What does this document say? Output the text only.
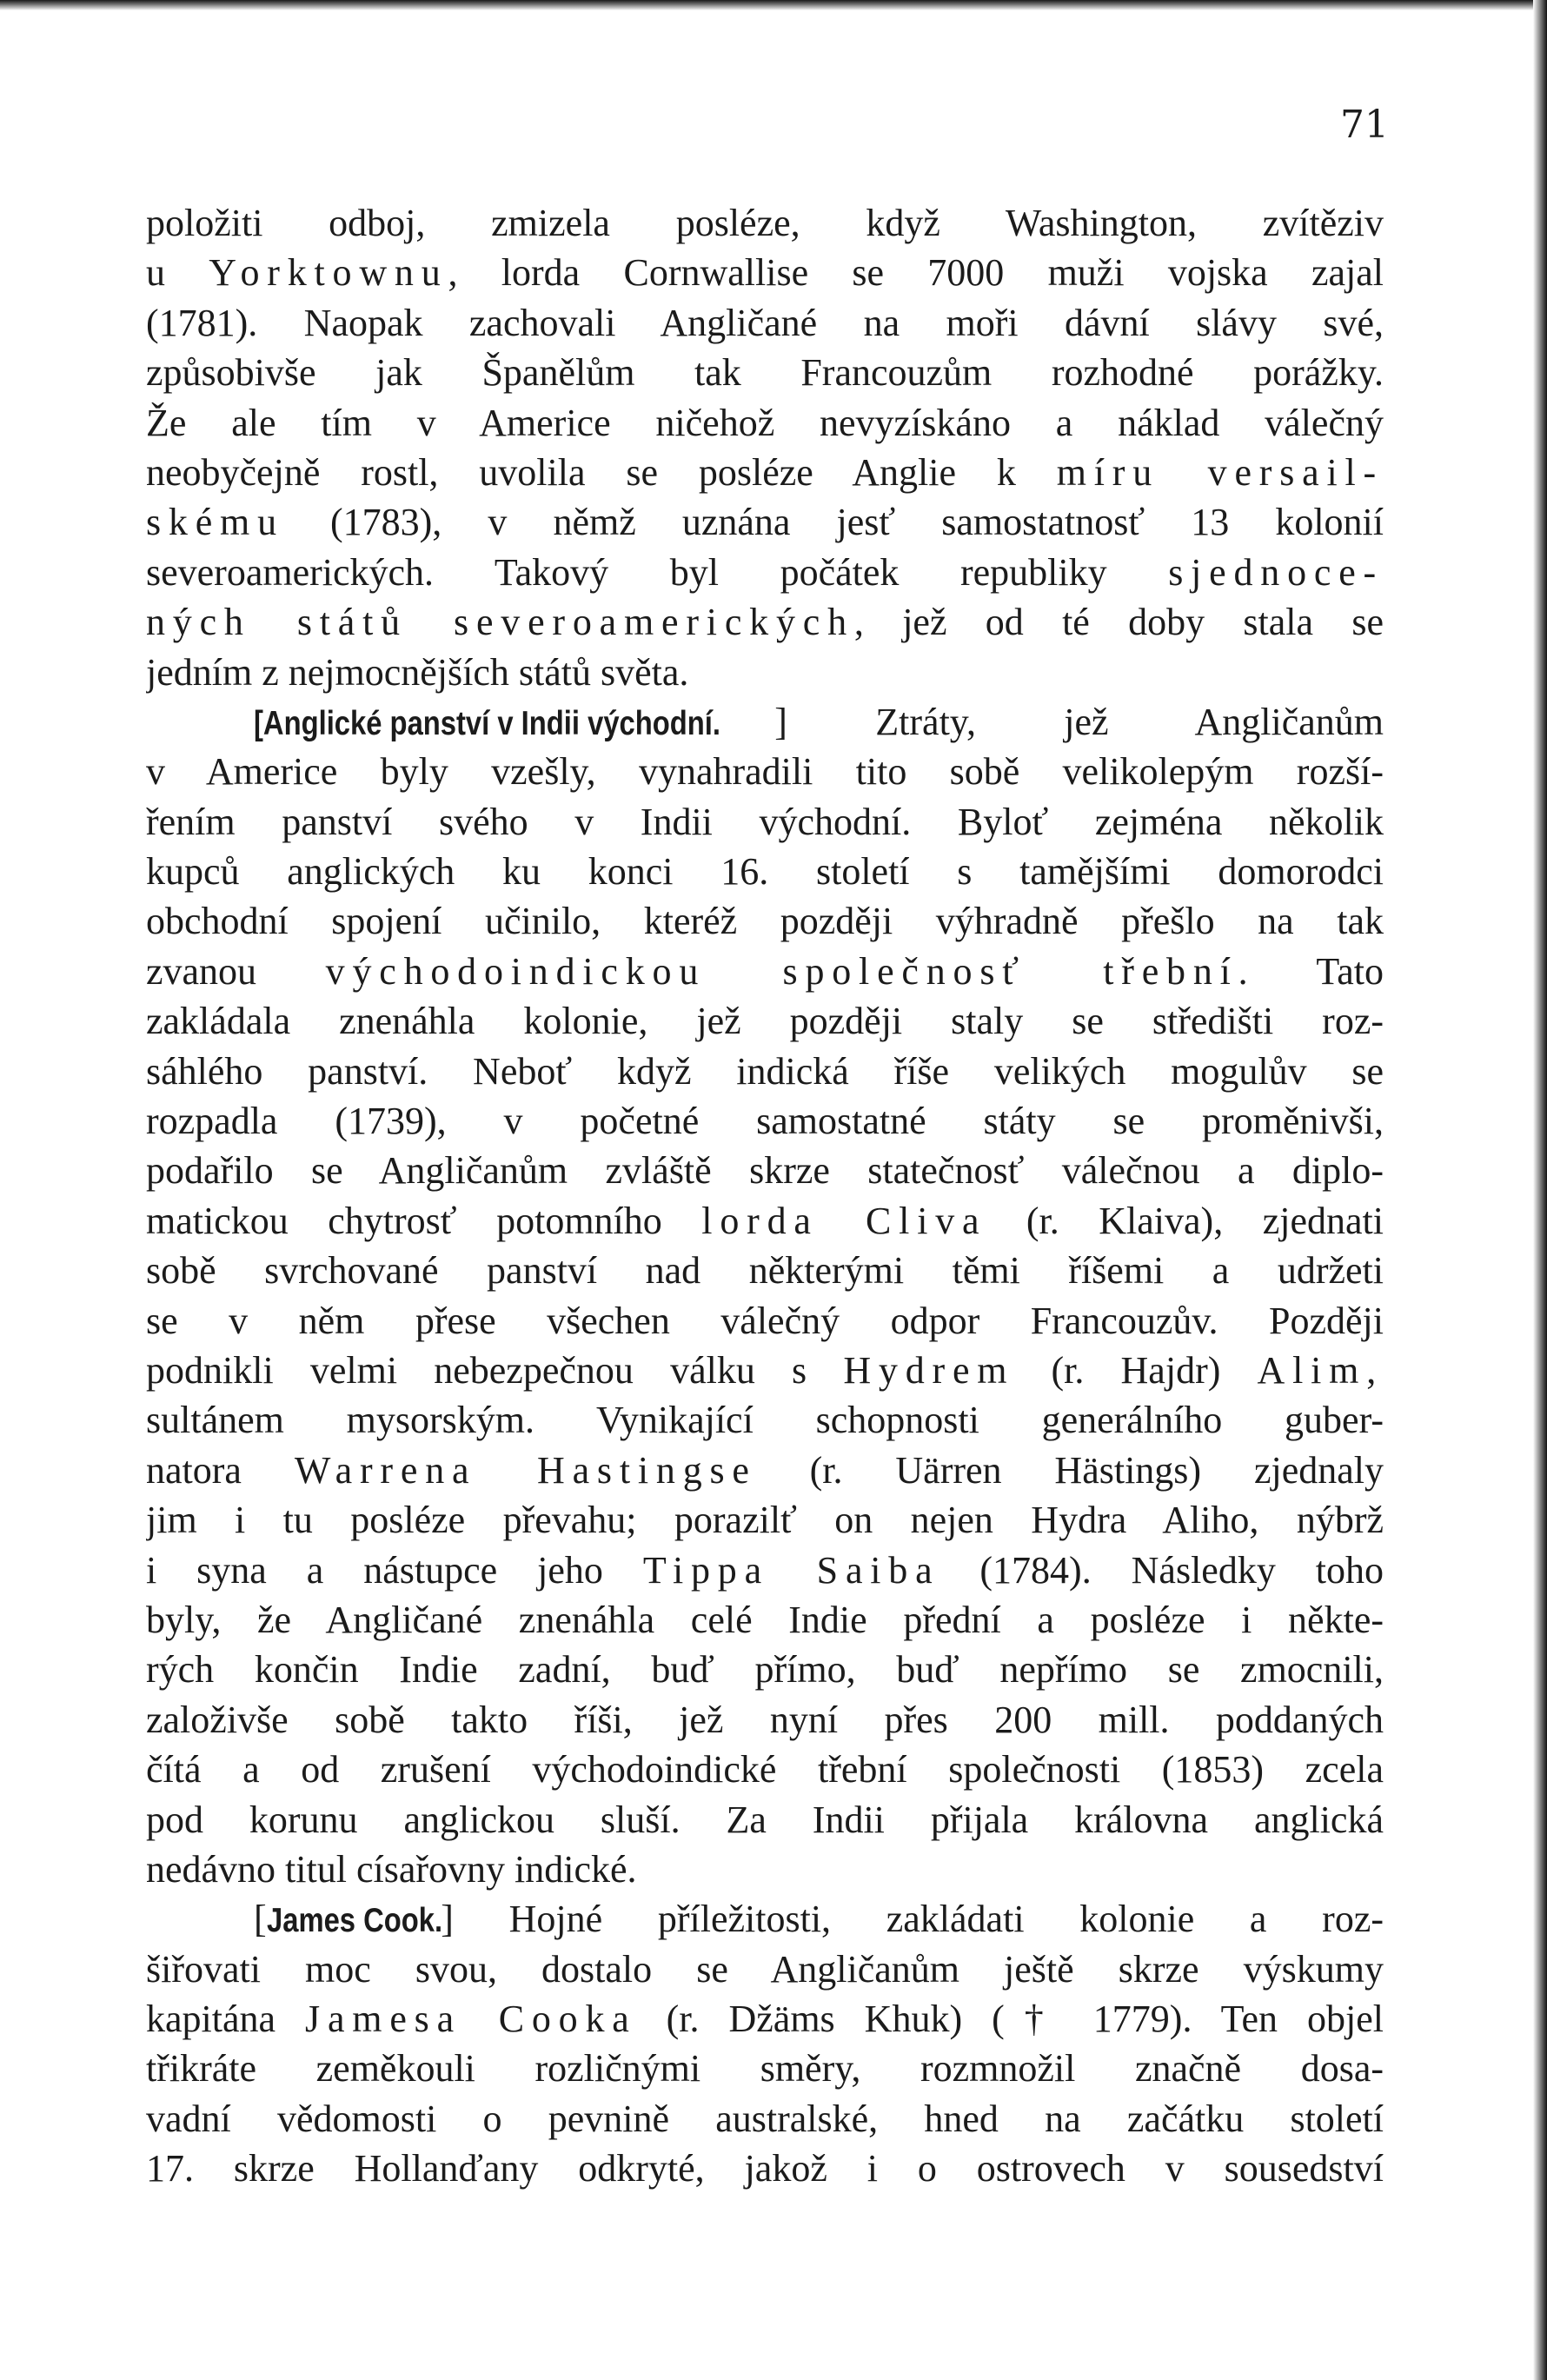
71
položiti odboj, zmizela posléze, když Washington, zvítěziv
u Yorktownu, lorda Cornwallise se 7000 muži vojska zajal
(1781). Naopak zachovali Angličané na moři dávní slávy své,
způsobivše jak Španělům tak Francouzům rozhodné porážky.
Že ale tím v Americe ničehož nevyzískáno a náklad válečný
neobyčejně rostl, uvolila se posléze Anglie k míru versail-
skému (1783), v němž uznána jesť samostatnosť 13 kolonií
severoamerických. Takový byl počátek republiky sjednoce-
ných států severoamerických, jež od té doby stala se
jedním z nejmocnějších států světa.
[Anglické panství v Indii východní. ] Ztráty, jež Angličanům
v Americe byly vzešly, vynahradili tito sobě velikolepým rozší-
řením panství svého v Indii východní. Byloť zejména několik
kupců anglických ku konci 16. století s tamějšími domorodci
obchodní spojení učinilo, kteréž později výhradně přešlo na tak
zvanou východoindickou společnosť třební. Tato
zakládala znenáhla kolonie, jež později staly se středišti roz-
sáhlého panství. Neboť když indická říše velikých mogulův se
rozpadla (1739), v početné samostatné státy se proměnivši,
podařilo se Angličanům zvláště skrze statečnosť válečnou a diplo-
matickou chytrosť potomního lorda Cliva (r. Klaiva), zjednati
sobě svrchované panství nad některými těmi říšemi a udržeti
se v něm přese všechen válečný odpor Francouzův. Později
podnikli velmi nebezpečnou válku s Hydrem (r. Hajdr) Alim,
sultánem mysorským. Vynikající schopnosti generálního guber-
natora Warrena Hastingse (r. Uärren Hästings) zjednaly
jim i tu posléze převahu; porazilť on nejen Hydra Aliho, nýbrž
i syna a nástupce jeho Tippa Saiba (1784). Následky toho
byly, že Angličané znenáhla celé Indie přední a posléze i někte-
rých končin Indie zadní, buď přímo, buď nepřímo se zmocnili,
založivše sobě takto říši, jež nyní přes 200 mill. poddaných
čítá a od zrušení východoindické třební společnosti (1853) zcela
pod korunu anglickou sluší. Za Indii přijala královna anglická
nedávno titul císařovny indické.
[James Cook.] Hojné příležitosti, zakládati kolonie a roz-
šiřovati moc svou, dostalo se Angličanům ještě skrze výskumy
kapitána Jamesa Cooka (r. Džäms Khuk) († 1779). Ten objel
třikráte zeměkouli rozličnými směry, rozmnožil značně dosa-
vadní vědomosti o pevnině australské, hned na začátku století
17. skrze Hollanďany odkryté, jakož i o ostrovech v sousedství
